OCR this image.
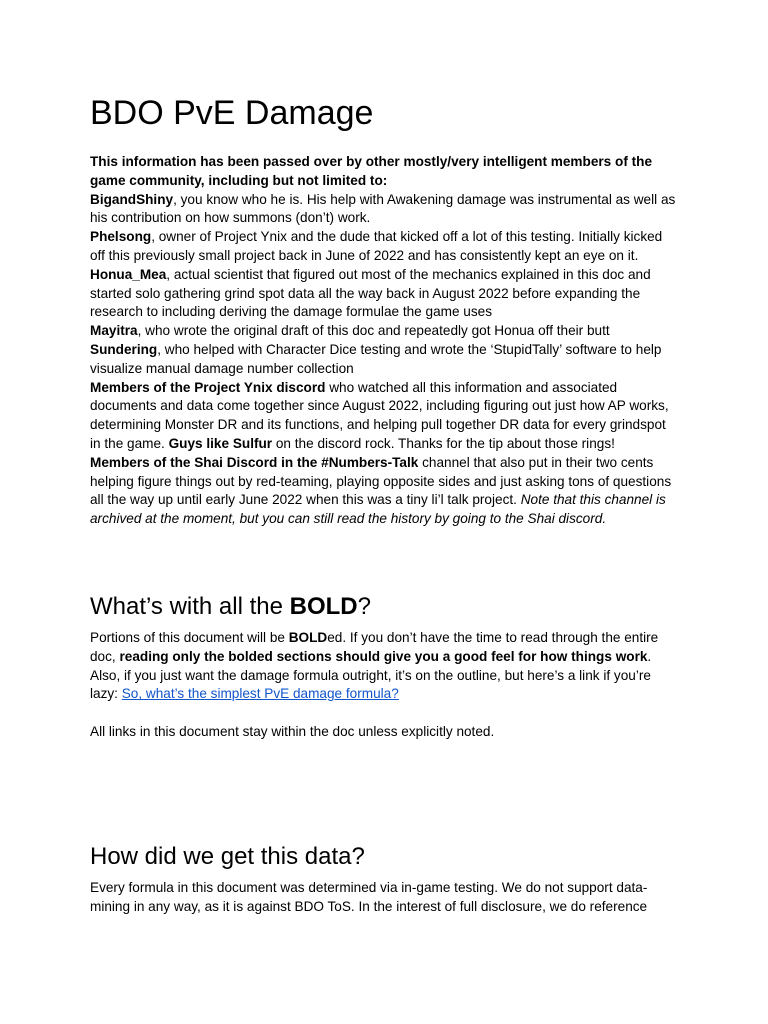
BDO PvE Damage

This information has been passed over by other mostly/very intelligent members of the game community, including but not limited to:

BigandShiny, you know who he is. His help with Awakening damage was instrumental as well as his contribution on how summons (don’t) work.

Phelsong, owner of Project Ynix and the dude that kicked off a lot of this testing. Initially kicked off this previously small project back in June of 2022 and has consistently kept an eye on it.

Honua_Mea, actual scientist that figured out most of the mechanics explained in this doc and started solo gathering grind spot data all the way back in August 2022 before expanding the research to including deriving the damage formulae the game uses

Mayitra, who wrote the original draft of this doc and repeatedly got Honua off their butt

Sundering, who helped with Character Dice testing and wrote the ‘StupidTally’ software to help visualize manual damage number collection

Members of the Project Ynix discord who watched all this information and associated documents and data come together since August 2022, including figuring out just how AP works, determining Monster DR and its functions, and helping pull together DR data for every grindspot in the game. Guys like Sulfur on the discord rock. Thanks for the tip about those rings!

Members of the Shai Discord in the #Numbers-Talk channel that also put in their two cents helping figure things out by red-teaming, playing opposite sides and just asking tons of questions all the way up until early June 2022 when this was a tiny li’l talk project. Note that this channel is archived at the moment, but you can still read the history by going to the Shai discord.

What’s with all the BOLD?

Portions of this document will be BOLDed. If you don’t have the time to read through the entire doc, reading only the bolded sections should give you a good feel for how things work. Also, if you just want the damage formula outright, it’s on the outline, but here’s a link if you’re lazy: So, what’s the simplest PvE damage formula?

All links in this document stay within the doc unless explicitly noted.

How did we get this data?

Every formula in this document was determined via in-game testing. We do not support data-mining in any way, as it is against BDO ToS. In the interest of full disclosure, we do reference
